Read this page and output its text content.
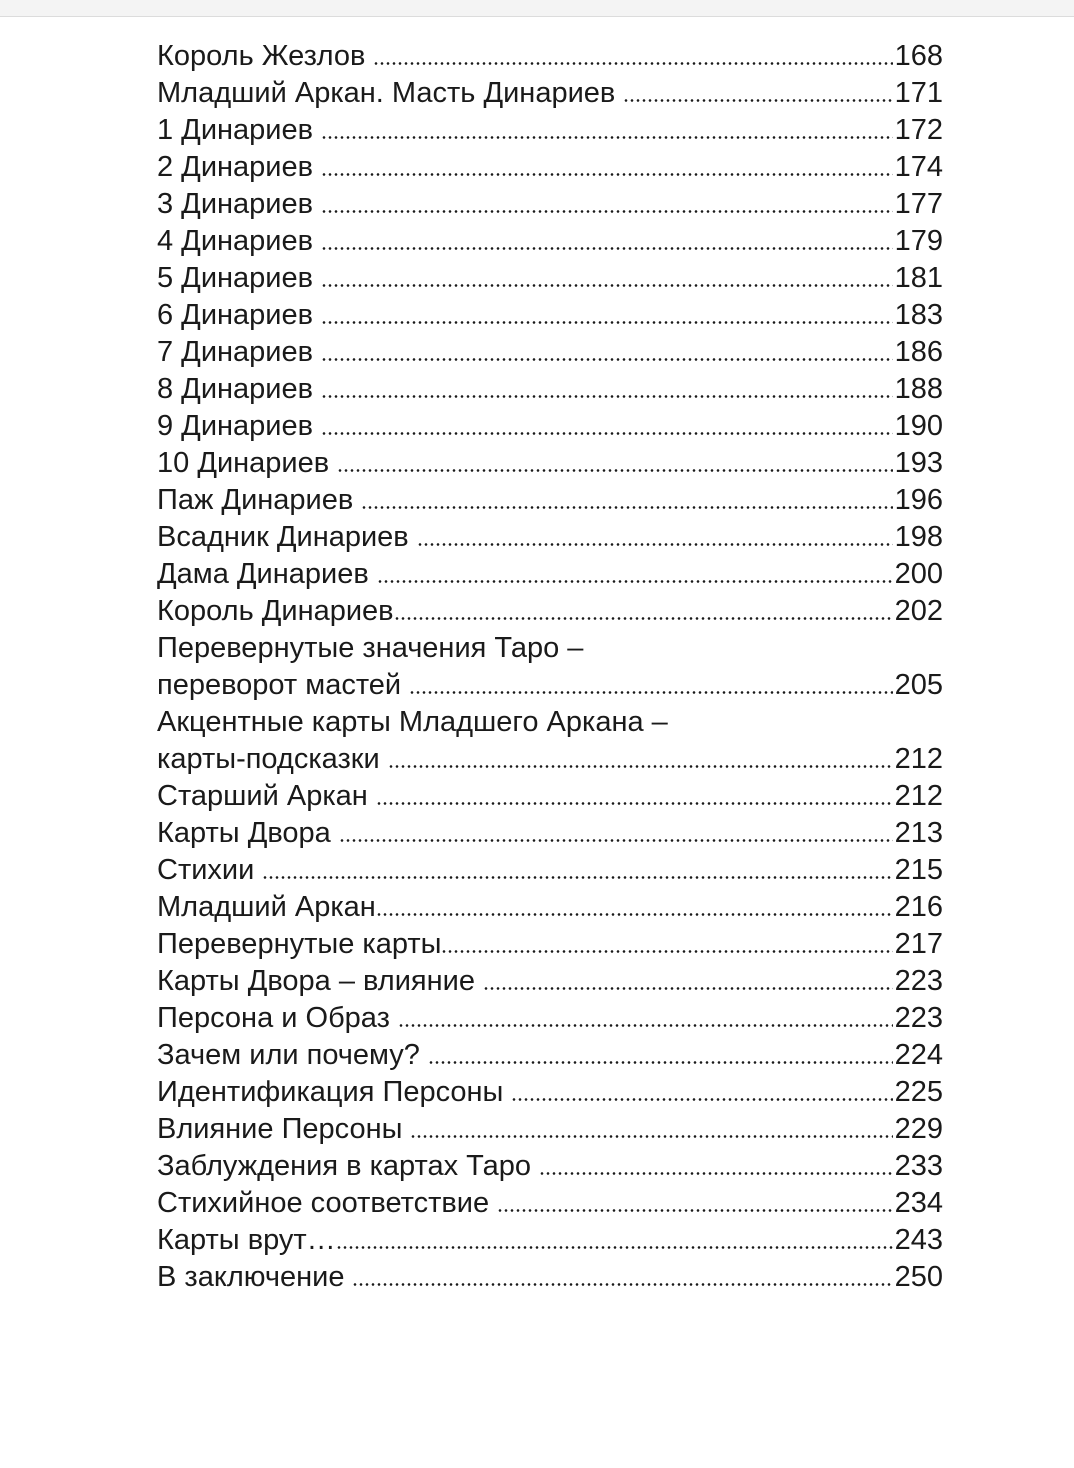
Король Жезлов	168
Младший Аркан. Масть Динариев	171
1 Динариев	172
2 Динариев	174
3 Динариев	177
4 Динариев	179
5 Динариев	181
6 Динариев	183
7 Динариев	186
8 Динариев	188
9 Динариев	190
10 Динариев	193
Паж Динариев	196
Всадник Динариев	198
Дама Динариев	200
Король Динариев	202
Перевернутые значения Таро –
переворот мастей	205
Акцентные карты Младшего Аркана –
карты-подсказки	212
Старший Аркан	212
Карты Двора	213
Стихии	215
Младший Аркан	216
Перевернутые карты	217
Карты Двора – влияние	223
Персона и Образ	223
Зачем или почему?	224
Идентификация Персоны	225
Влияние Персоны	229
Заблуждения в картах Таро	233
Стихийное соответствие	234
Карты врут…	243
В заключение	250
